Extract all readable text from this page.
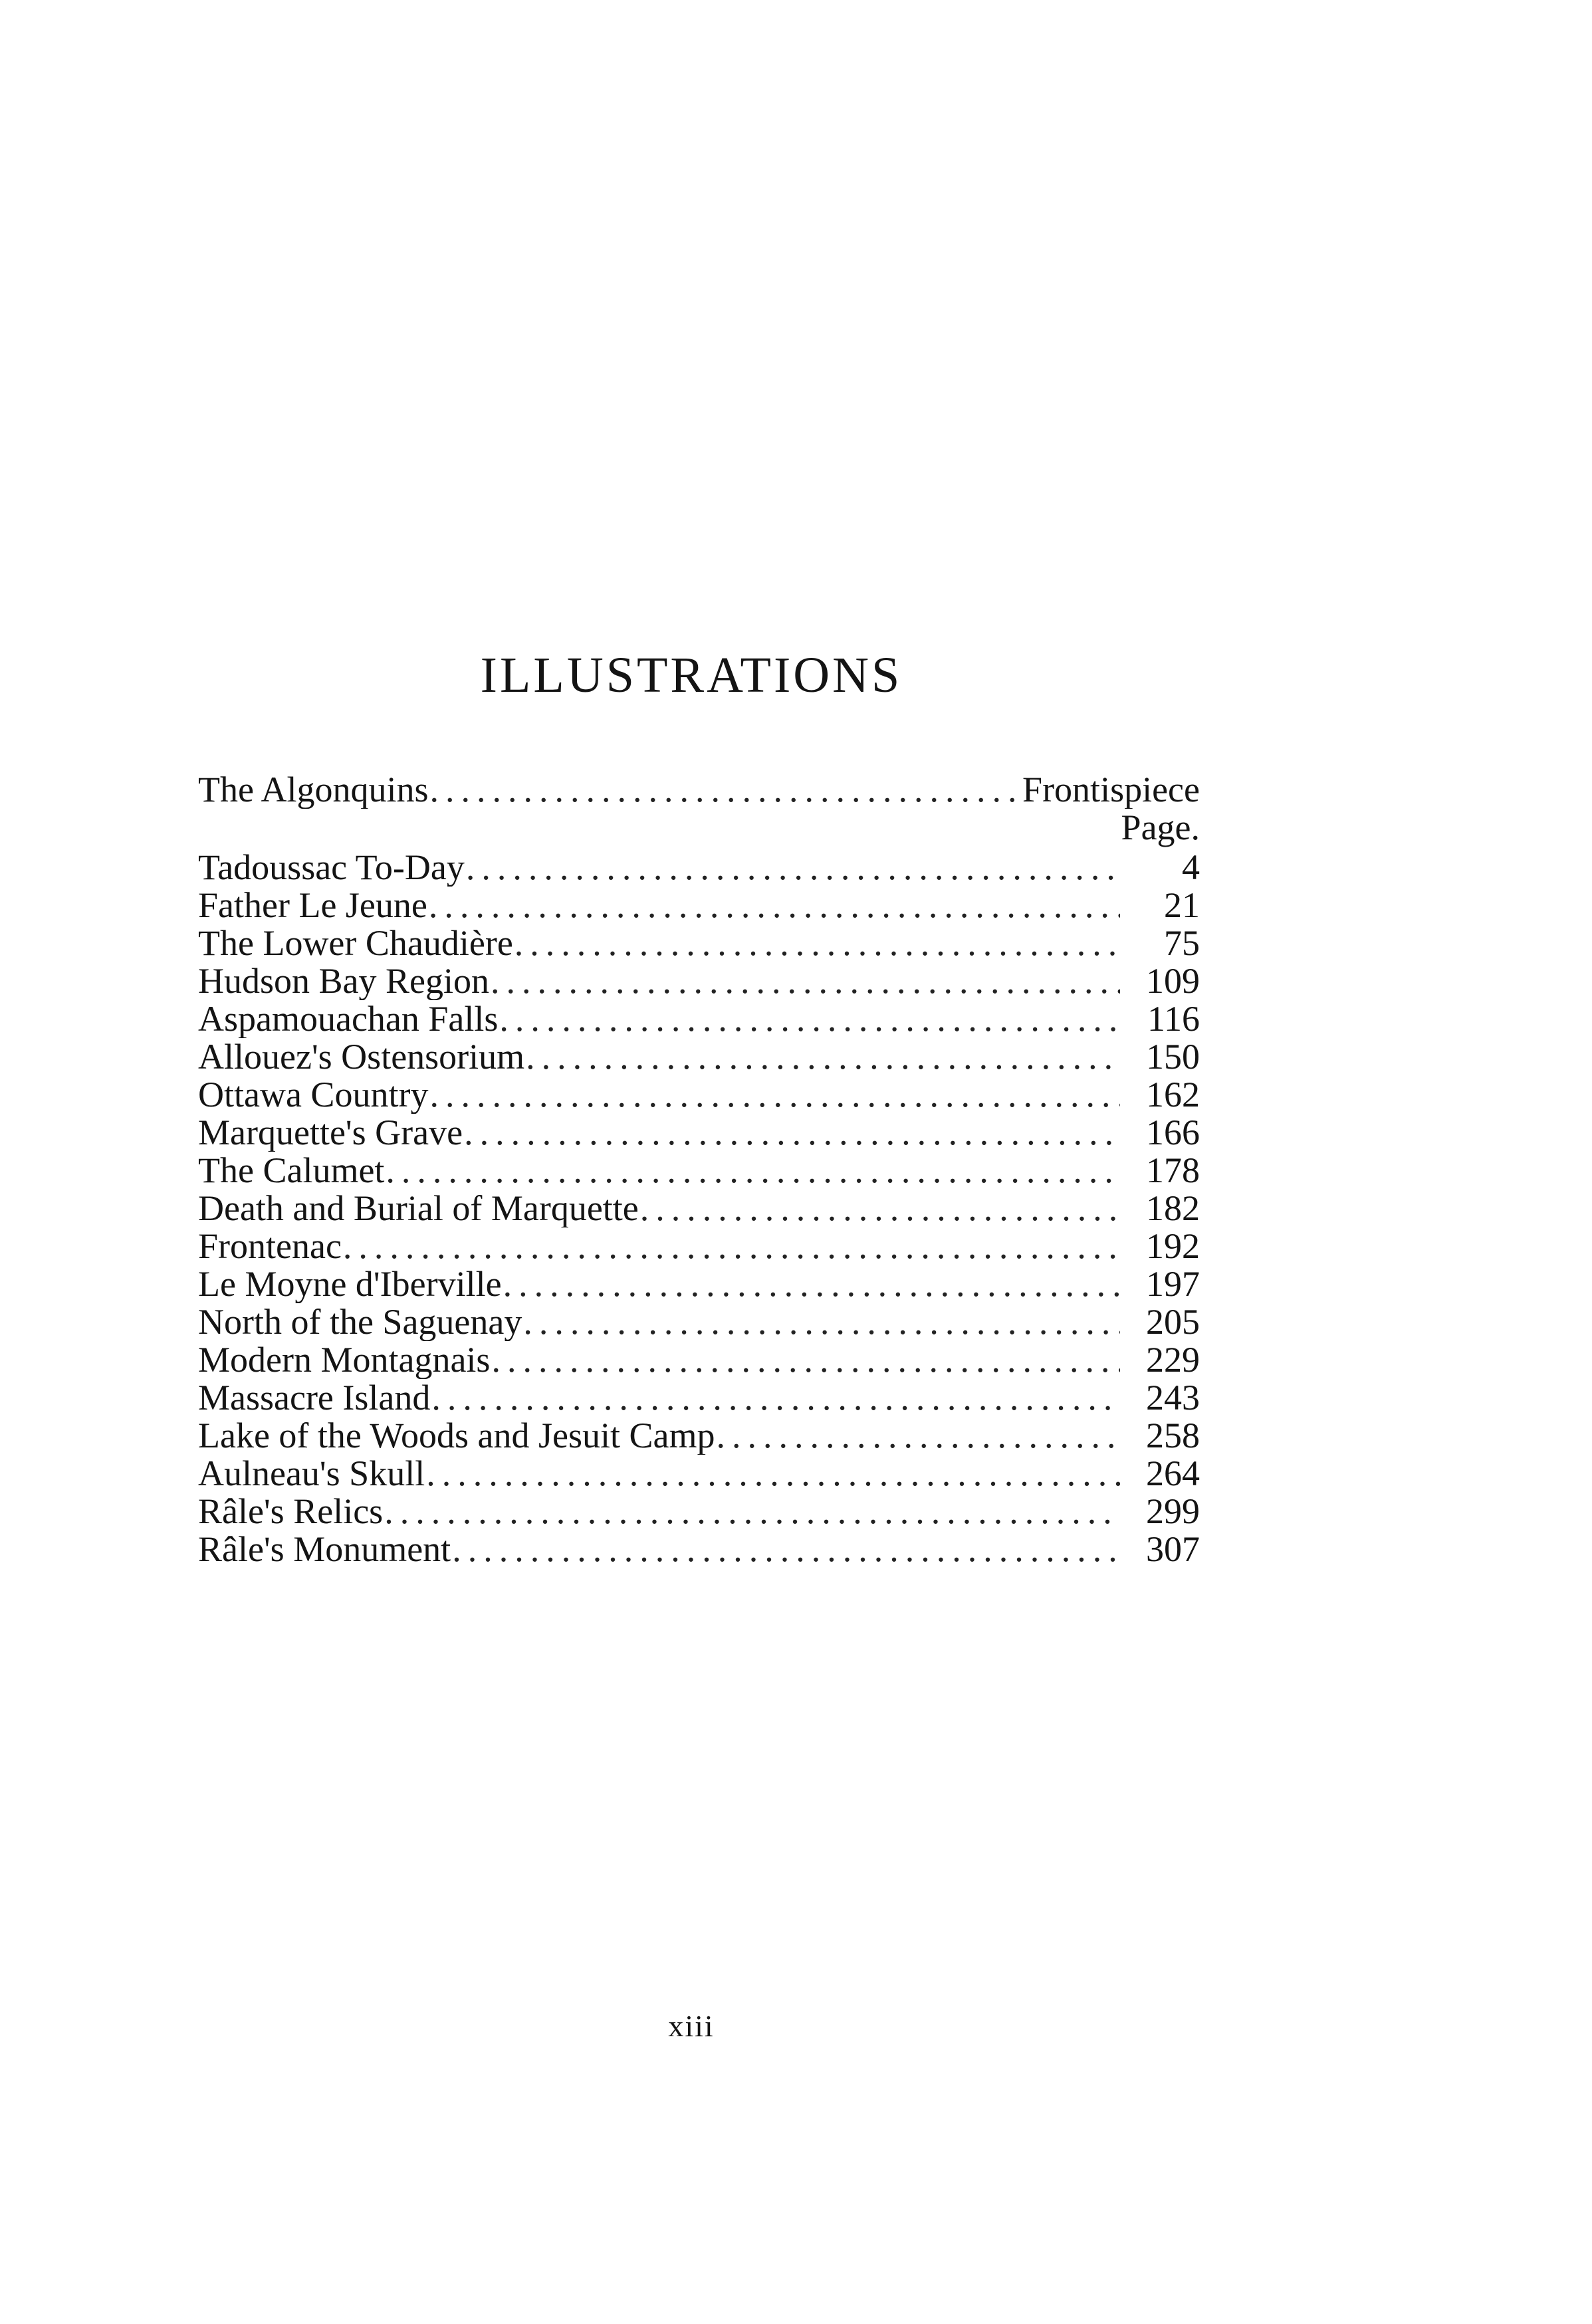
ILLUSTRATIONS
The Algonquins .....	Frontispiece
Page.
Tadoussac To-Day .....	4
Father Le Jeune .....	21
The Lower Chaudière .....	75
Hudson Bay Region .....	109
Aspamouachan Falls .....	116
Allouez's Ostensorium .....	150
Ottawa Country .....	162
Marquette's Grave .....	166
The Calumet .....	178
Death and Burial of Marquette .....	182
Frontenac .....	192
Le Moyne d'Iberville .....	197
North of the Saguenay .....	205
Modern Montagnais .....	229
Massacre Island .....	243
Lake of the Woods and Jesuit Camp .....	258
Aulneau's Skull .....	264
Râle's Relics .....	299
Râle's Monument .....	307
xiii
